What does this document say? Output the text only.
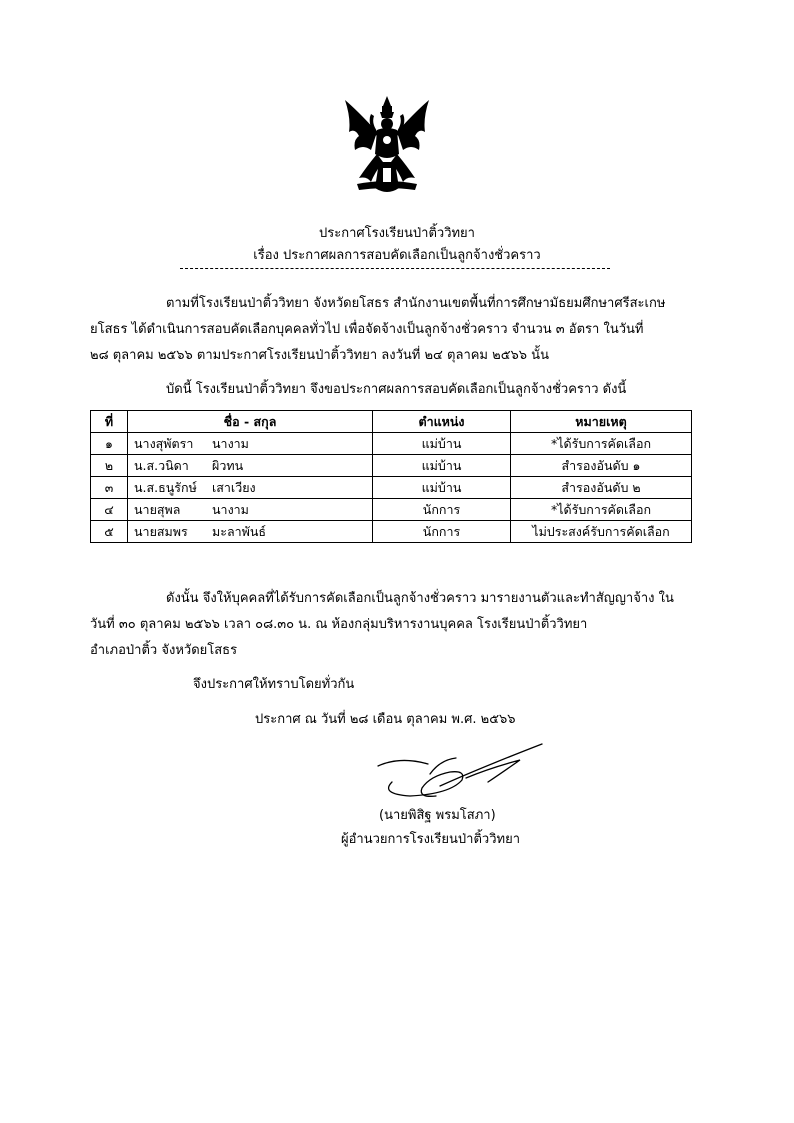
ประกาศโรงเรียนป่าติ้ววิทยา
เรื่อง ประกาศผลการสอบคัดเลือกเป็นลูกจ้างชั่วคราว
ตามที่โรงเรียนป่าติ้ววิทยา จังหวัดยโสธร สำนักงานเขตพื้นที่การศึกษามัธยมศึกษาศรีสะเกษ
ยโสธร ได้ดำเนินการสอบคัดเลือกบุคคลทั่วไป เพื่อจัดจ้างเป็นลูกจ้างชั่วคราว จำนวน ๓ อัตรา ในวันที่
๒๘ ตุลาคม ๒๕๖๖ ตามประกาศโรงเรียนป่าติ้ววิทยา ลงวันที่ ๒๔ ตุลาคม ๒๕๖๖ นั้น
บัดนี้ โรงเรียนป่าติ้ววิทยา จึงขอประกาศผลการสอบคัดเลือกเป็นลูกจ้างชั่วคราว ดังนี้
ที่	ชื่อ - สกุล	ตำแหน่ง	หมายเหตุ
๑	นางสุพัตรา นางาม	แม่บ้าน	*ได้รับการคัดเลือก
๒	น.ส.วนิดา ผิวทน	แม่บ้าน	สำรองอันดับ ๑
๓	น.ส.ธนูรักษ์ เสาเวียง	แม่บ้าน	สำรองอันดับ ๒
๔	นายสุพล นางาม	นักการ	*ได้รับการคัดเลือก
๕	นายสมพร มะลาพันธ์	นักการ	ไม่ประสงค์รับการคัดเลือก
ดังนั้น จึงให้บุคคลที่ได้รับการคัดเลือกเป็นลูกจ้างชั่วคราว มารายงานตัวและทำสัญญาจ้าง ใน
วันที่ ๓๐ ตุลาคม ๒๕๖๖ เวลา ๐๘.๓๐ น. ณ ห้องกลุ่มบริหารงานบุคคล โรงเรียนป่าติ้ววิทยา
อำเภอป่าติ้ว จังหวัดยโสธร
จึงประกาศให้ทราบโดยทั่วกัน
ประกาศ ณ วันที่ ๒๘ เดือน ตุลาคม พ.ศ. ๒๕๖๖
(นายพิสิฐ พรมโสภา)
ผู้อำนวยการโรงเรียนป่าติ้ววิทยา
